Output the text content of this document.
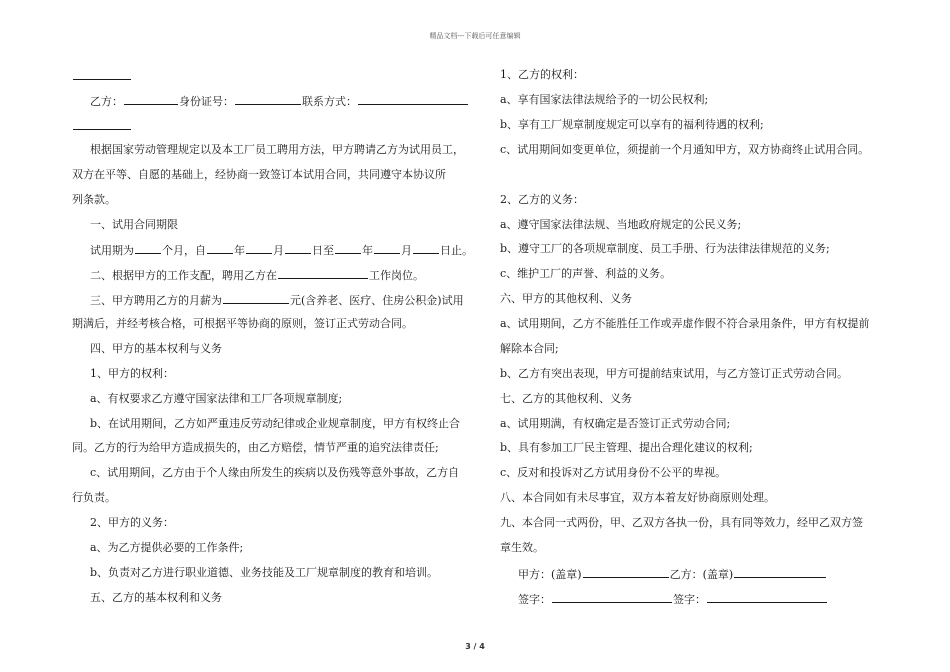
精品文档---下载后可任意编辑
乙方：	身份证号：	联系方式：
根据国家劳动管理规定以及本工厂员工聘用方法，甲方聘请乙方为试用员工，
双方在平等、自愿的基础上，经协商一致签订本试用合同，共同遵守本协议所
列条款。
一、试用合同期限
试用期为	个月，自	年	月	日至	年	月	日止。
二、根据甲方的工作支配，聘用乙方在	工作岗位。
三、甲方聘用乙方的月薪为	元(含养老、医疗、住房公积金)试用
期满后，并经考核合格，可根据平等协商的原则，签订正式劳动合同。
四、甲方的基本权利与义务
1、甲方的权利：
a、有权要求乙方遵守国家法律和工厂各项规章制度;
b、在试用期间，乙方如严重违反劳动纪律或企业规章制度，甲方有权终止合
同。乙方的行为给甲方造成损失的，由乙方赔偿，情节严重的追究法律责任;
c、试用期间，乙方由于个人缘由所发生的疾病以及伤残等意外事故，乙方自
行负责。
2、甲方的义务：
a、为乙方提供必要的工作条件;
b、负责对乙方进行职业道德、业务技能及工厂规章制度的教育和培训。
五、乙方的基本权利和义务
1、乙方的权利：
a、享有国家法律法规给予的一切公民权利;
b、享有工厂规章制度规定可以享有的福利待遇的权利;
c、试用期间如变更单位，须提前一个月通知甲方，双方协商终止试用合同。
2、乙方的义务：
a、遵守国家法律法规、当地政府规定的公民义务;
b、遵守工厂的各项规章制度、员工手册、行为法律法律规范的义务;
c、维护工厂的声誉、利益的义务。
六、甲方的其他权利、义务
a、试用期间，乙方不能胜任工作或弄虚作假不符合录用条件，甲方有权提前
解除本合同;
b、乙方有突出表现，甲方可提前结束试用，与乙方签订正式劳动合同。
七、乙方的其他权利、义务
a、试用期满，有权确定是否签订正式劳动合同;
b、具有参加工厂民主管理、提出合理化建议的权利;
c、反对和投诉对乙方试用身份不公平的卑视。
八、本合同如有未尽事宜，双方本着友好协商原则处理。
九、本合同一式两份，甲、乙双方各执一份，具有同等效力，经甲乙双方签
章生效。
甲方：(盖章)	乙方：(盖章)
签字：	签字：
3 / 4
